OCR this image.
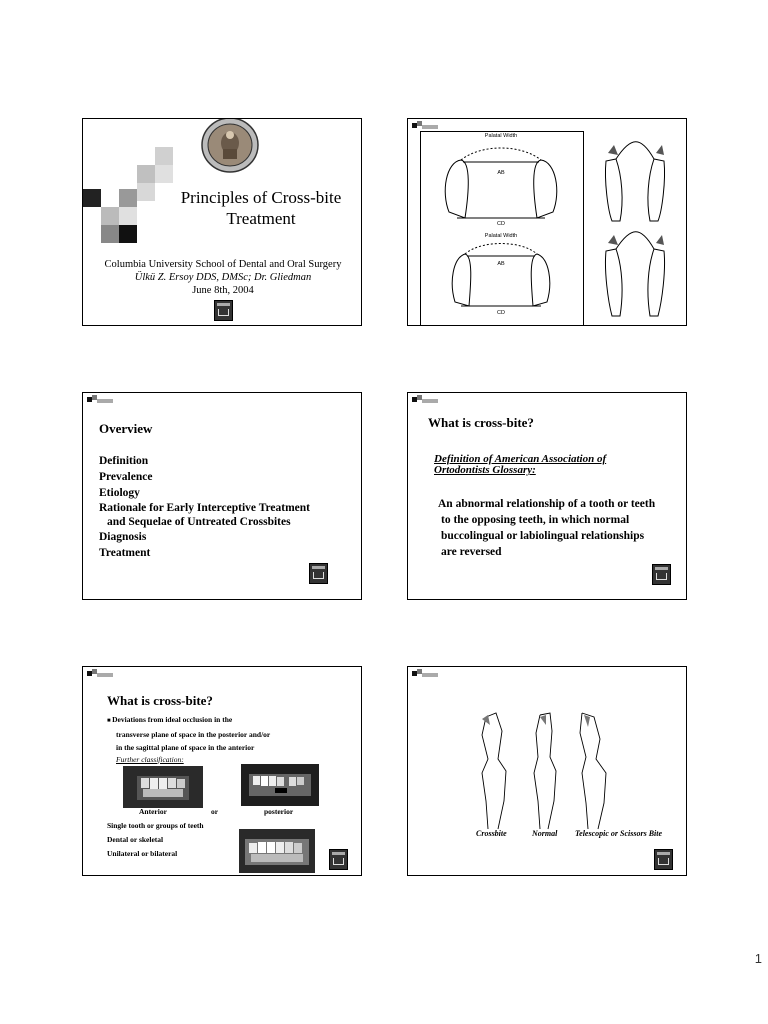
Principles of Cross-bite Treatment
Columbia University School of Dental and Oral Surgery
Ülkü Z. Ersoy DDS, DMSc; Dr. Gliedman
June 8th, 2004
Palatal Width
AB
CD
Palatal Width
AB
CD
Overview
Definition
Prevalence
Etiology
Rationale for Early Interceptive Treatment
and Sequelae of Untreated Crossbites
Diagnosis
Treatment
What is cross-bite?
Definition of American Association of
Ortodontists Glossary:
An abnormal relationship of a tooth or teeth
to the opposing teeth, in which normal
buccolingual or labiolingual relationships
are reversed
What is cross-bite?
■ Deviations from ideal occlusion in the
transverse plane of space in the posterior and/or
in the sagittal plane of space in the anterior
Further classification:
Anterior	or	posterior
Single tooth or groups of teeth
Dental or skeletal
Unilateral or bilateral
Crossbite	Normal Telescopic or Scissors Bite
1
